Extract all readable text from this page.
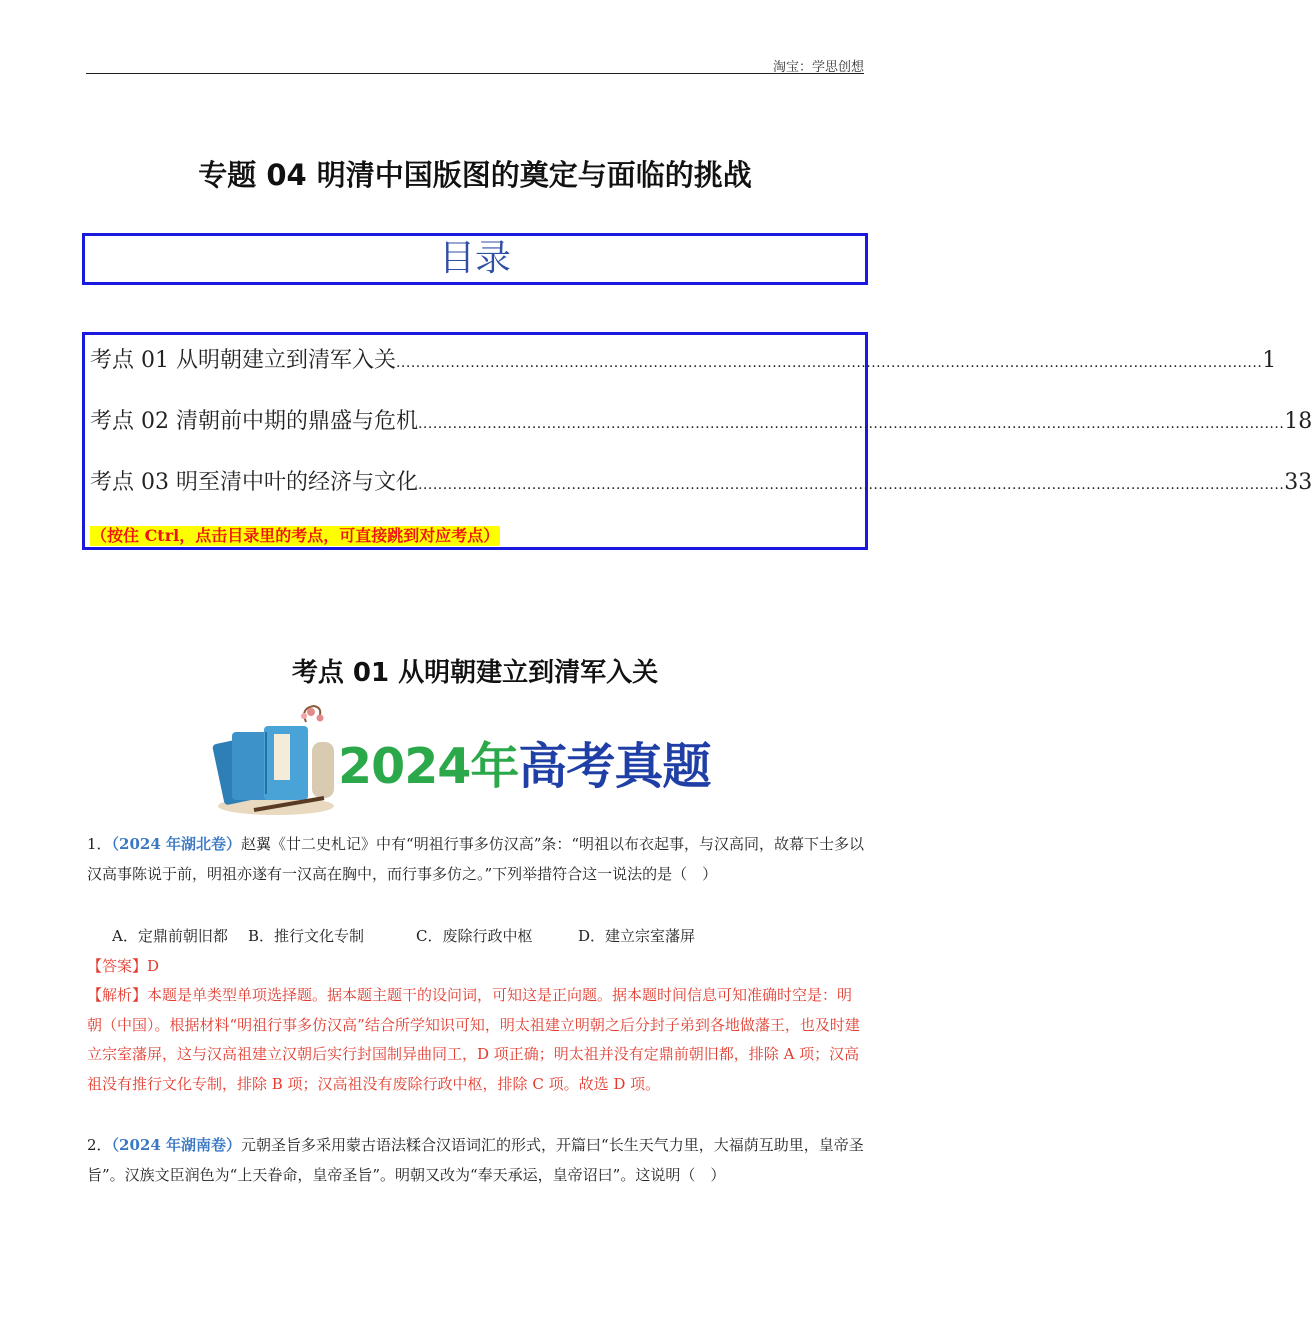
淘宝：学思创想
专题 04 明清中国版图的奠定与面临的挑战
目录
考点 01 从明朝建立到清军入关 ............................................................................................................................................................................... 1
考点 02 清朝前中期的鼎盛与危机 ............................................................................................................................................................................... 18
考点 03 明至清中叶的经济与文化 ............................................................................................................................................................................... 33
（按住 Ctrl，点击目录里的考点，可直接跳到对应考点）
考点 01 从明朝建立到清军入关
2024年高考真题
1．（2024 年湖北卷）赵翼《廿二史札记》中有“明祖行事多仿汉高”条：“明祖以布衣起事，与汉高同，故幕下士多以汉高事陈说于前，明祖亦遂有一汉高在胸中，而行事多仿之。”下列举措符合这一说法的是（　）
A．定鼎前朝旧都 B．推行文化专制	C．废除行政中枢	D．建立宗室藩屏
【答案】D
【解析】本题是单类型单项选择题。据本题主题干的设问词，可知这是正向题。据本题时间信息可知准确时空是：明朝（中国）。根据材料“明祖行事多仿汉高”结合所学知识可知，明太祖建立明朝之后分封子弟到各地做藩王，也及时建立宗室藩屏，这与汉高祖建立汉朝后实行封国制异曲同工，D 项正确；明太祖并没有定鼎前朝旧都，排除 A 项；汉高祖没有推行文化专制，排除 B 项；汉高祖没有废除行政中枢，排除 C 项。故选 D 项。
2．（2024 年湖南卷）元朝圣旨多采用蒙古语法糅合汉语词汇的形式，开篇曰“长生天气力里，大福荫互助里，皇帝圣旨”。汉族文臣润色为“上天眷命，皇帝圣旨”。明朝又改为“奉天承运，皇帝诏曰”。这说明（　）
